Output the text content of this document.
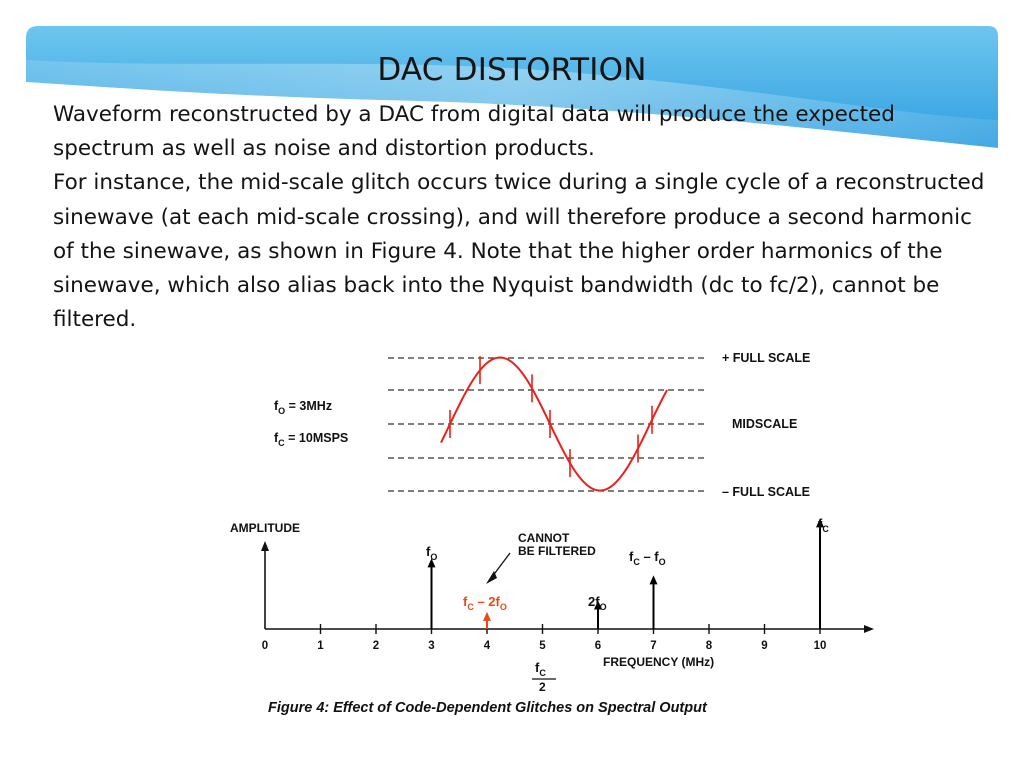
DAC DISTORTION

Waveform reconstructed by a DAC from digital data will produce the expected spectrum as well as noise and distortion products.

For instance, the mid-scale glitch occurs twice during a single cycle of a reconstructed sinewave (at each mid-scale crossing), and will therefore produce a second harmonic of the sinewave, as shown in Figure 4. Note that the higher order harmonics of the sinewave, which also alias back into the Nyquist bandwidth (dc to fc/2), cannot be filtered.

+ FULL SCALE
MIDSCALE
– FULL SCALE
$f_O = 3MHz$
$f_C$ = 10MSPS
0	1	2	3	4	5	6	7	8	9	10
AMPLITUDE
FREQUENCY (MHz)
CANNOT
BE FILTERED
$f_O$	$f_C - f_O$
$2f_O$
$f_C - 2f_O$
$f_C$
$f_C$
2
Figure 4: Effect of Code-Dependent Glitches on Spectral Output
